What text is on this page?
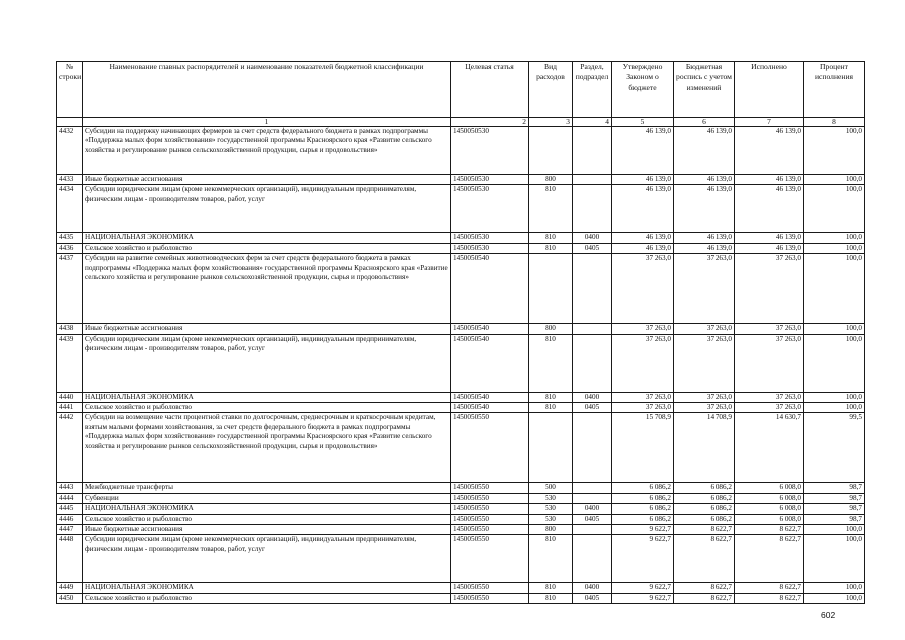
№ строки	Наименование главных распорядителей и наименование показателей бюджетной классификации	Целевая статья	Вид расходов	Раздел, подраздел	Утверждено Законом о бюджете	Бюджетная роспись с учетом изменений	Исполнено	Процент исполнения
	1	2	3	4	5	6	7	8
4432	Субсидии на поддержку начинающих фермеров за счет средств федерального бюджета в рамках подпрограммы «Поддержка малых форм хозяйствования» государственной программы Красноярского края «Развитие сельского хозяйства и регулирование рынков сельскохозяйственной продукции, сырья и продовольствия»	1450050530			46 139,0	46 139,0	46 139,0	100,0
4433	Иные бюджетные ассигнования	1450050530	800		46 139,0	46 139,0	46 139,0	100,0
4434	Субсидии юридическим лицам (кроме некоммерческих организаций), индивидуальным предпринимателям, физическим лицам - производителям товаров, работ, услуг	1450050530	810		46 139,0	46 139,0	46 139,0	100,0
4435	НАЦИОНАЛЬНАЯ ЭКОНОМИКА	1450050530	810	0400	46 139,0	46 139,0	46 139,0	100,0
4436	Сельское хозяйство и рыболовство	1450050530	810	0405	46 139,0	46 139,0	46 139,0	100,0
4437	Субсидии на развитие семейных животноводческих ферм за счет средств федерального бюджета в рамках подпрограммы «Поддержка малых форм хозяйствования» государственной программы Красноярского края «Развитие сельского хозяйства и регулирование рынков сельскохозяйственной продукции, сырья и продовольствия»	1450050540			37 263,0	37 263,0	37 263,0	100,0
4438	Иные бюджетные ассигнования	1450050540	800		37 263,0	37 263,0	37 263,0	100,0
4439	Субсидии юридическим лицам (кроме некоммерческих организаций), индивидуальным предпринимателям, физическим лицам - производителям товаров, работ, услуг	1450050540	810		37 263,0	37 263,0	37 263,0	100,0
4440	НАЦИОНАЛЬНАЯ ЭКОНОМИКА	1450050540	810	0400	37 263,0	37 263,0	37 263,0	100,0
4441	Сельское хозяйство и рыболовство	1450050540	810	0405	37 263,0	37 263,0	37 263,0	100,0
4442	Субсидии на возмещение части процентной ставки по долгосрочным, среднесрочным и краткосрочным кредитам, взятым малыми формами хозяйствования, за счет средств федерального бюджета в рамках подпрограммы «Поддержка малых форм хозяйствования» государственной программы Красноярского края «Развитие сельского хозяйства и регулирование рынков сельскохозяйственной продукции, сырья и продовольствия»	1450050550			15 708,9	14 708,9	14 630,7	99,5
4443	Межбюджетные трансферты	1450050550	500		6 086,2	6 086,2	6 008,0	98,7
4444	Субвенции	1450050550	530		6 086,2	6 086,2	6 008,0	98,7
4445	НАЦИОНАЛЬНАЯ ЭКОНОМИКА	1450050550	530	0400	6 086,2	6 086,2	6 008,0	98,7
4446	Сельское хозяйство и рыболовство	1450050550	530	0405	6 086,2	6 086,2	6 008,0	98,7
4447	Иные бюджетные ассигнования	1450050550	800		9 622,7	8 622,7	8 622,7	100,0
4448	Субсидии юридическим лицам (кроме некоммерческих организаций), индивидуальным предпринимателям, физическим лицам - производителям товаров, работ, услуг	1450050550	810		9 622,7	8 622,7	8 622,7	100,0
4449	НАЦИОНАЛЬНАЯ ЭКОНОМИКА	1450050550	810	0400	9 622,7	8 622,7	8 622,7	100,0
4450	Сельское хозяйство и рыболовство	1450050550	810	0405	9 622,7	8 622,7	8 622,7	100,0
602
